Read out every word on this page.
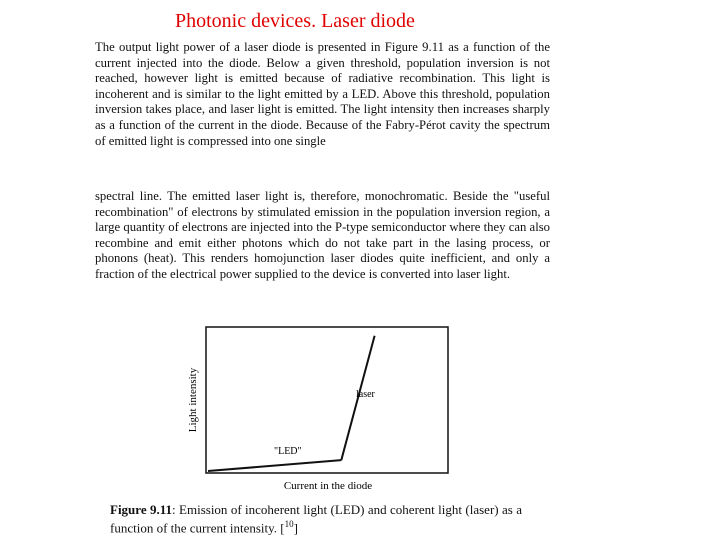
Photonic devices. Laser diode

The output light power of a laser diode is presented in Figure 9.11 as a function of the current injected into the diode. Below a given threshold, population inversion is not reached, however light is emitted because of radiative recombination. This light is incoherent and is similar to the light emitted by a LED. Above this threshold, population inversion takes place, and laser light is emitted. The light intensity then increases sharply as a function of the current in the diode. Because of the Fabry-Pérot cavity the spectrum of emitted light is compressed into one single

spectral line. The emitted laser light is, therefore, monochromatic. Beside the "useful recombination" of electrons by stimulated emission in the population inversion region, a large quantity of electrons are injected into the P-type semiconductor where they can also recombine and emit either photons which do not take part in the lasing process, or phonons (heat). This renders homojunction laser diodes quite inefficient, and only a fraction of the electrical power supplied to the device is converted into laser light.

Light intensity
Current in the diode
"LED"
laser

Figure 9.11: Emission of incoherent light (LED) and coherent light (laser) as a function of the current intensity. [$^{10}$]
